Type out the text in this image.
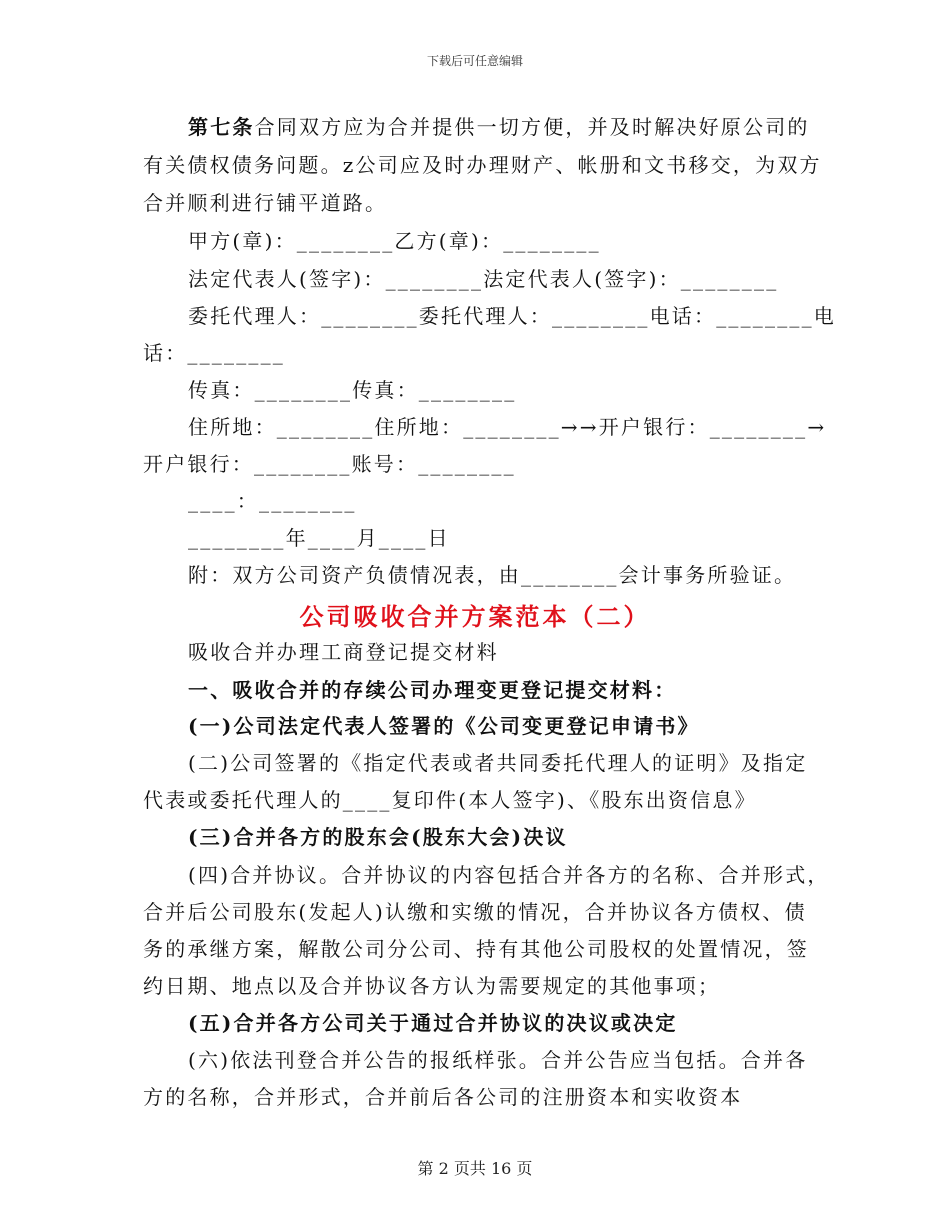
下载后可任意编辑
第七条合同双方应为合并提供一切方便，并及时解决好原公司的
有关债权债务问题。z公司应及时办理财产、帐册和文书移交，为双方
合并顺利进行铺平道路。
甲方(章)：________乙方(章)：________
法定代表人(签字)：________法定代表人(签字)：________
委托代理人：________委托代理人：________电话：________电
话：________
传真：________传真：________
住所地：________住所地：________→→开户银行：________→
开户银行：________账号：________
____：________
________年____月____日
附：双方公司资产负债情况表，由________会计事务所验证。
公司吸收合并方案范本（二）
吸收合并办理工商登记提交材料
一、吸收合并的存续公司办理变更登记提交材料：
(一)公司法定代表人签署的《公司变更登记申请书》
(二)公司签署的《指定代表或者共同委托代理人的证明》及指定
代表或委托代理人的____复印件(本人签字)、《股东出资信息》
(三)合并各方的股东会(股东大会)决议
(四)合并协议。合并协议的内容包括合并各方的名称、合并形式，
合并后公司股东(发起人)认缴和实缴的情况，合并协议各方债权、债
务的承继方案，解散公司分公司、持有其他公司股权的处置情况，签
约日期、地点以及合并协议各方认为需要规定的其他事项；
(五)合并各方公司关于通过合并协议的决议或决定
(六)依法刊登合并公告的报纸样张。合并公告应当包括。合并各
方的名称，合并形式，合并前后各公司的注册资本和实收资本
第 2 页共 16 页
